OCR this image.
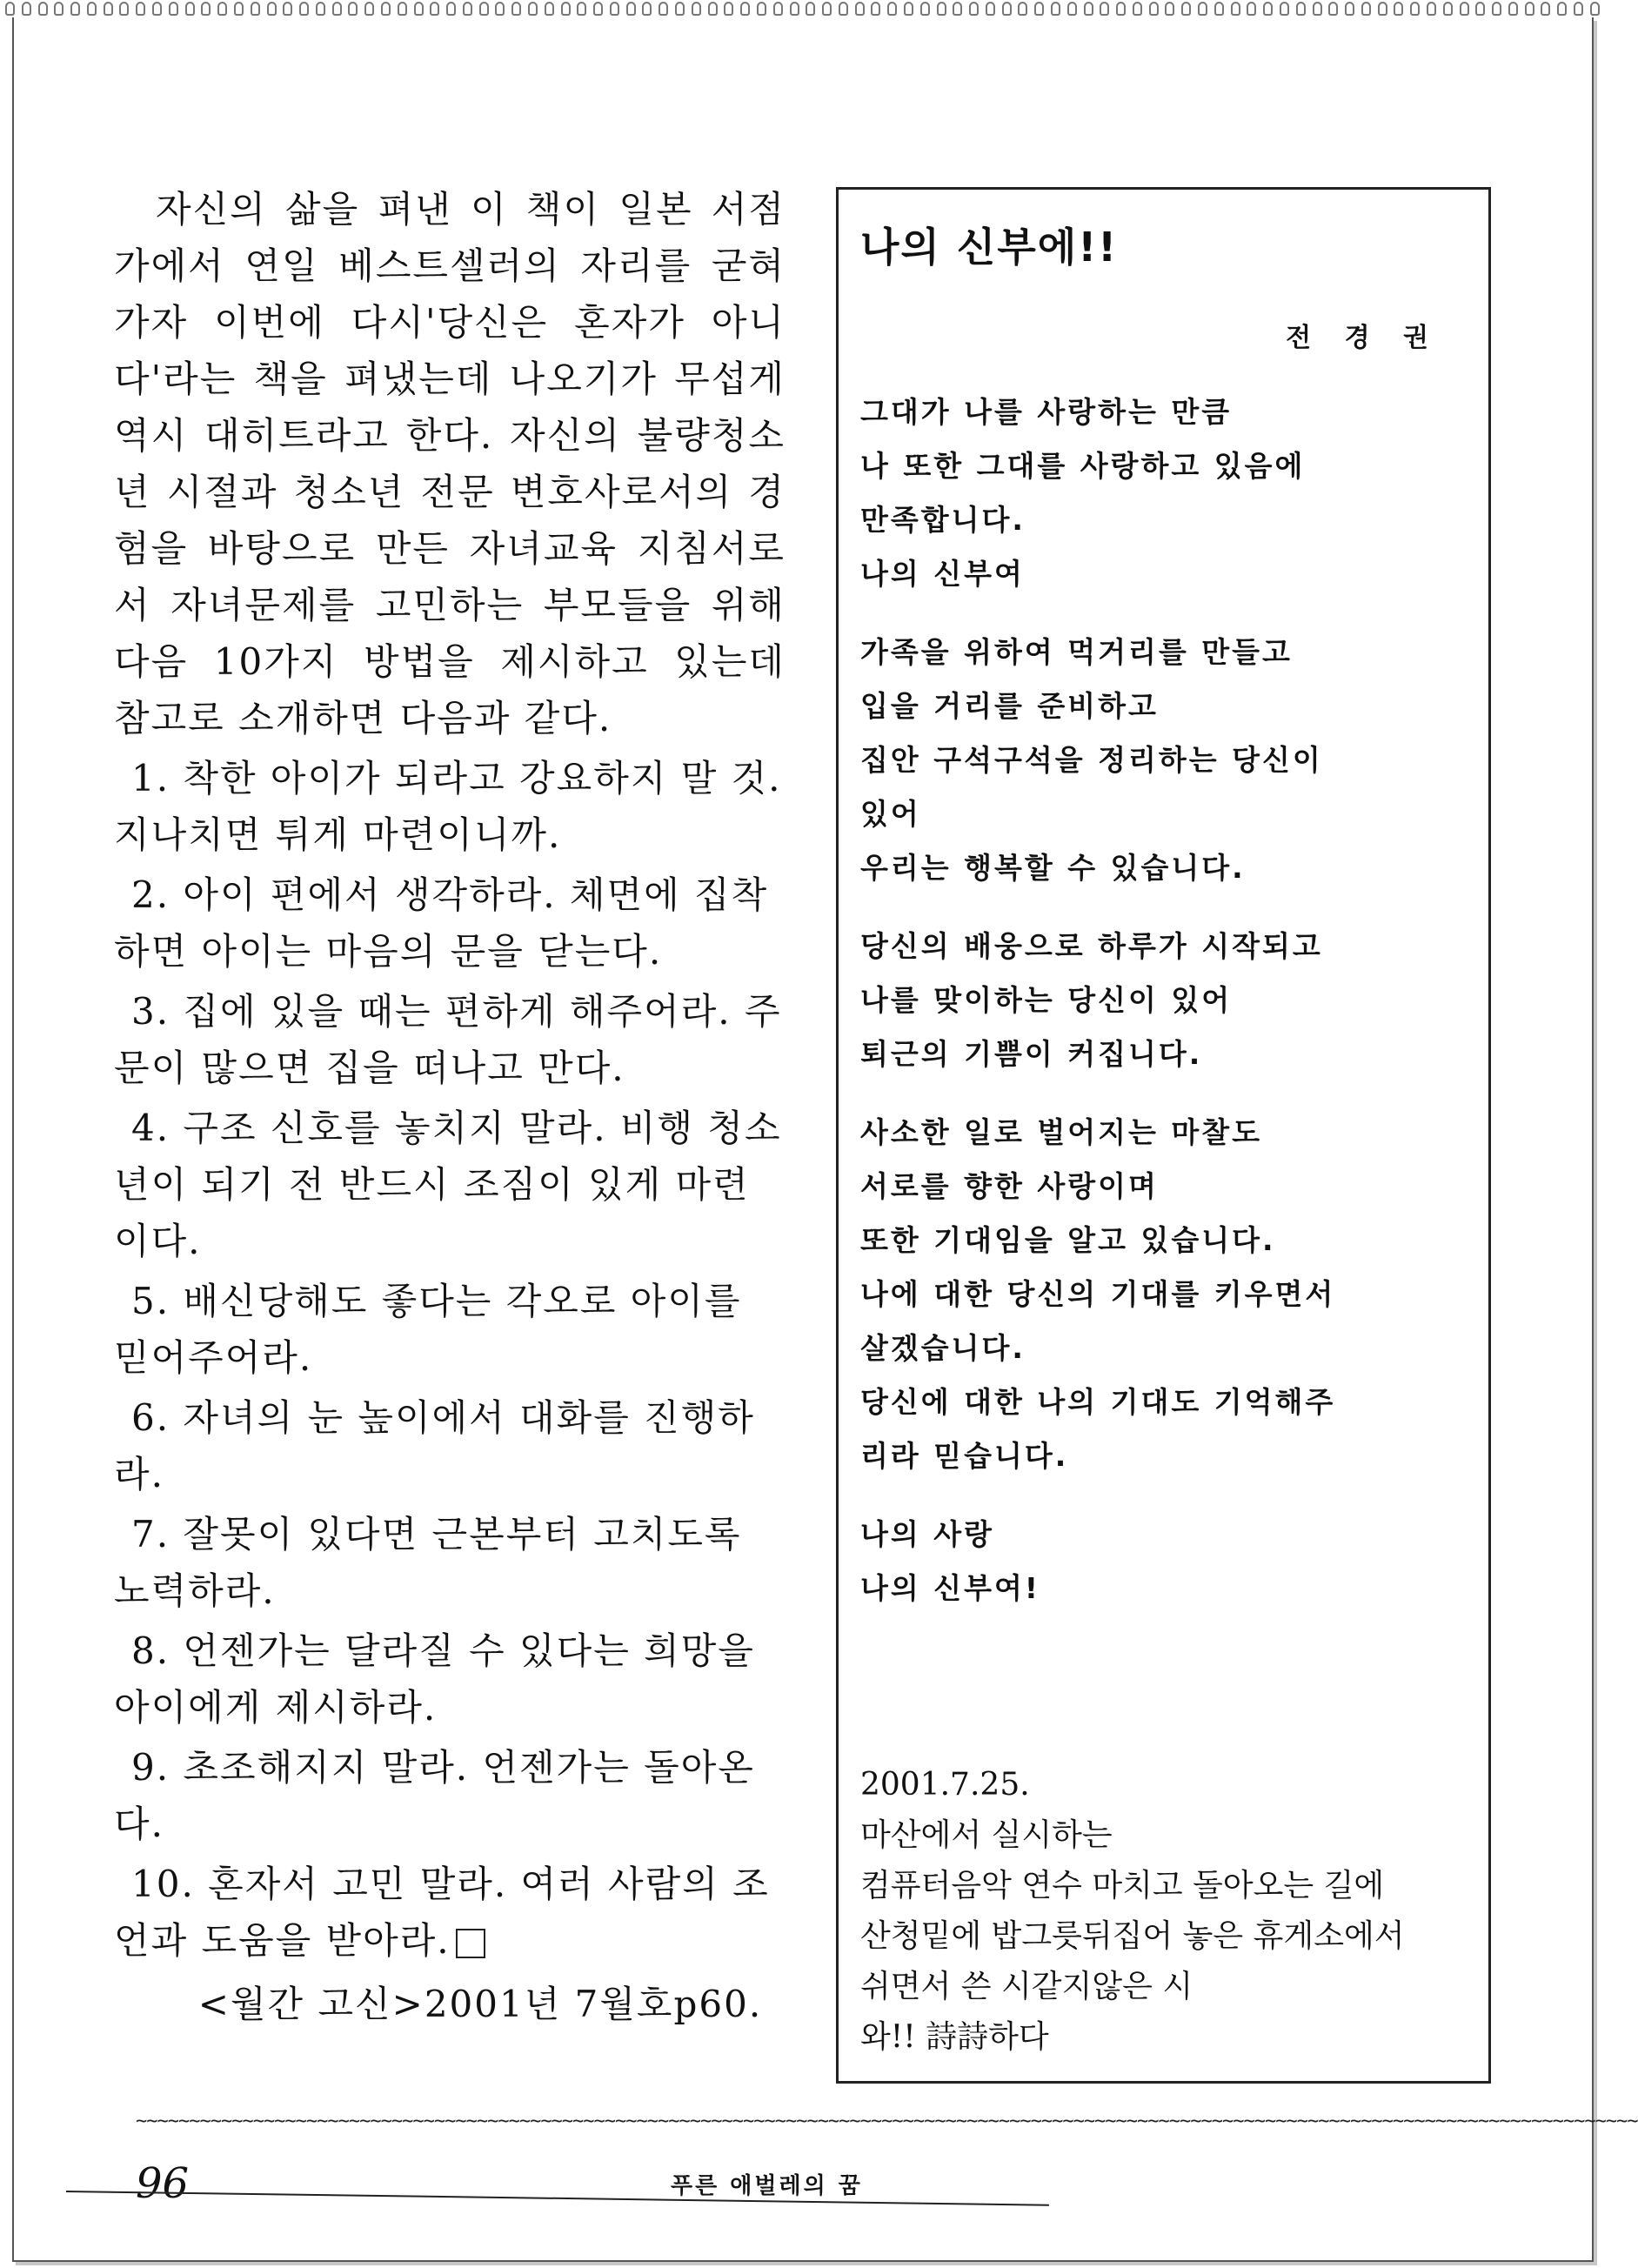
자신의 삶을 펴낸 이 책이 일본 서점가에서 연일 베스트셀러의 자리를 굳혀가자 이번에 다시'당신은 혼자가 아니다'라는 책을 펴냈는데 나오기가 무섭게 역시 대히트라고 한다. 자신의 불량청소년 시절과 청소년 전문 변호사로서의 경험을 바탕으로 만든 자녀교육 지침서로서 자녀문제를 고민하는 부모들을 위해 다음 10가지 방법을 제시하고 있는데 참고로 소개하면 다음과 같다.

1. 착한 아이가 되라고 강요하지 말 것. 지나치면 튀게 마련이니까.

2. 아이 편에서 생각하라. 체면에 집착하면 아이는 마음의 문을 닫는다.

3. 집에 있을 때는 편하게 해주어라. 주문이 많으면 집을 떠나고 만다.

4. 구조 신호를 놓치지 말라. 비행 청소년이 되기 전 반드시 조짐이 있게 마련이다.

5. 배신당해도 좋다는 각오로 아이를 믿어주어라.

6. 자녀의 눈 높이에서 대화를 진행하라.

7. 잘못이 있다면 근본부터 고치도록 노력하라.

8. 언젠가는 달라질 수 있다는 희망을 아이에게 제시하라.

9. 초조해지지 말라. 언젠가는 돌아온다.

10. 혼자서 고민 말라. 여러 사람의 조언과 도움을 받아라.

<월간 고신>2001년 7월호p60.

나의 신부에!!
전 경 권
그대가 나를 사랑하는 만큼
나 또한 그대를 사랑하고 있음에
만족합니다.
나의 신부여
가족을 위하여 먹거리를 만들고
입을 거리를 준비하고
집안 구석구석을 정리하는 당신이
있어
우리는 행복할 수 있습니다.
당신의 배웅으로 하루가 시작되고
나를 맞이하는 당신이 있어
퇴근의 기쁨이 커집니다.
사소한 일로 벌어지는 마찰도
서로를 향한 사랑이며
또한 기대임을 알고 있습니다.
나에 대한 당신의 기대를 키우면서
살겠습니다.
당신에 대한 나의 기대도 기억해주
리라 믿습니다.
나의 사랑
나의 신부여!
2001.7.25.
마산에서 실시하는
컴퓨터음악 연수 마치고 돌아오는 길에
산청밑에 밥그릇뒤집어 놓은 휴게소에서
쉬면서 쓴 시같지않은 시
와!! 詩詩하다
~~~~~~~~~~~~~~~~~~~~~~~~~~~~~~~~~~~~~~~~~~~~~~~~~~~~~~~~~~~~~~~~~~~~~~~~~~~~~~~~~~~~~~~~~~~~~~~~~~~~~~~~~~~~~~~~~~~~~~~~~~~~~~~~~~~~~~~~~~~~~
96	푸른 애벌레의 꿈
